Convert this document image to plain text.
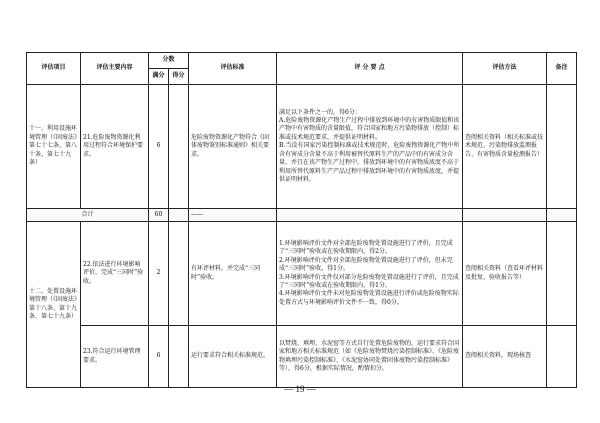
评估项目	评估主要内容	分数		评估标准	评 分 要 点	评估方法	备注
		满分	得分				
十一、利用设施环境管理（《固废法》第七十七条、第八十条、第七十九条）	21.危险废物资源化利用过程符合环境保护要求。	6		危险废物资源化产物符合《固体废物鉴别标准通则》相关要求。	满足以下条件之一的，得6分：
A.危险废物资源化产物生产过程中排放到环境中的有害物质限值和该产物中有害物质的含量限值，符合国家和地方污染物排放（控制）标准或技术规范要求，并提供证明材料。
B.当没有国家污染控制标准或技术规范时，危险废物资源化产物中所含有害成分含量不高于利用被替代原料生产的产品中的有害成分含量，并且在该产物生产过程中，排放到环境中的有害物质浓度不高于利用所替代原料生产产品过程中排放到环境中的有害物质浓度，并提供证明材料。	查阅相关资料（相关标准或技术规范、污染物排放监测报告、有害物质含量检测报告）	
合计		60		——			
十二、处置设施环境管理（《固废法》第十八条、第十九条、第七十九条）	22.依法进行环境影响评价，完成“三同时”验收。	2		有环评材料，并完成“三同时”验收。	1.环境影响评价文件对全部危险废物处置设施进行了评价，且完成了“三同时”验收或在验收期限内，得2分。
2.环境影响评价文件对全部危险废物处置设施进行了评价，但未完成“三同时”验收，得1分。
3.环境影响评价文件仅对部分危险废物处置设施进行了评价，且完成了“三同时”验收或在验收期限内，得1分。
4.环境影响评价文件未对危险废物处置设施进行评价或危险废物实际处置方式与环境影响评价文件不一致，得0分。	查阅相关资料（查看环评材料及批复、验收报告等）	
	23.符合运行环境管理要求。	6		运行要求符合相关标准规范。	以焚烧、填埋、水泥窑等方式自行处置危险废物的，运行要求符合国家和地方相关标准规范（如《危险废物焚烧污染控制标准》、《危险废物填埋污染控制标准》、《水泥窑协同处置固体废物污染控制标准》等），得6分，根据实际情况，酌情扣分。	查阅相关资料，现场核查	
— 19 —
